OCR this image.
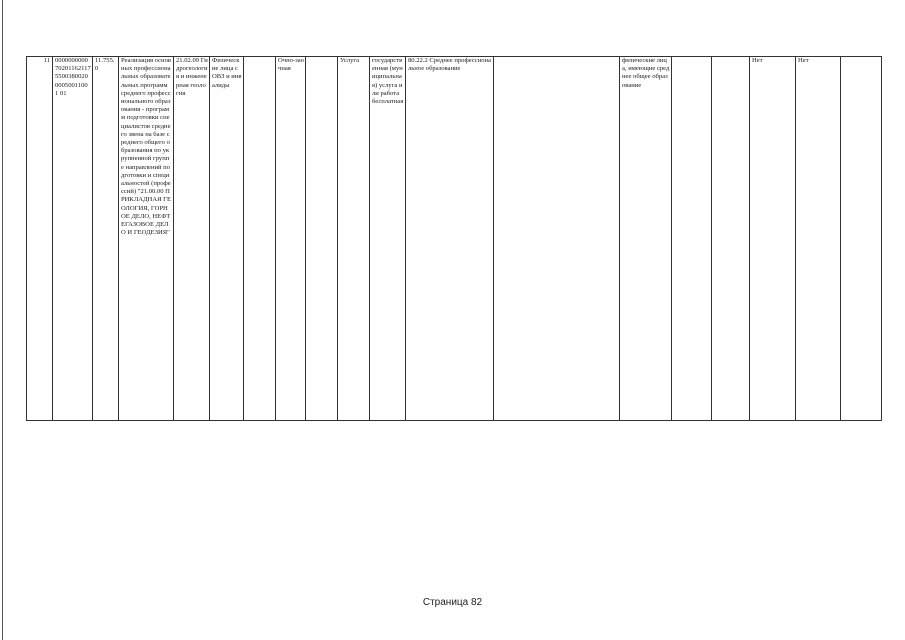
11 000000000070201162117550038002000050011001 01
11.755.0
Реализация основных профессиональных образовательных программ среднего профессионального образования - программ подготовки специалистов среднего звена на базе среднего общего образования по укрупненной группе направлений подготовки и специальностей (профессий) "21.00.00 ПРИКЛАДНАЯ ГЕОЛОГИЯ, ГОРНОЕ ДЕЛО, НЕФТЕГАЗОВОЕ ДЕЛО И ГЕОДЕЗИЯ"
21.02.09 Гидрогеология и инженерная геология
Физические лица с ОВЗ и инвалиды
Очно-заочная
Услуга	государственная (муниципальная) услуга или работа бесплатная
80.22.2 Среднее профессиональное образование
физические лица, имеющие среднее общее образование
Нет	Нет
Страница 82
